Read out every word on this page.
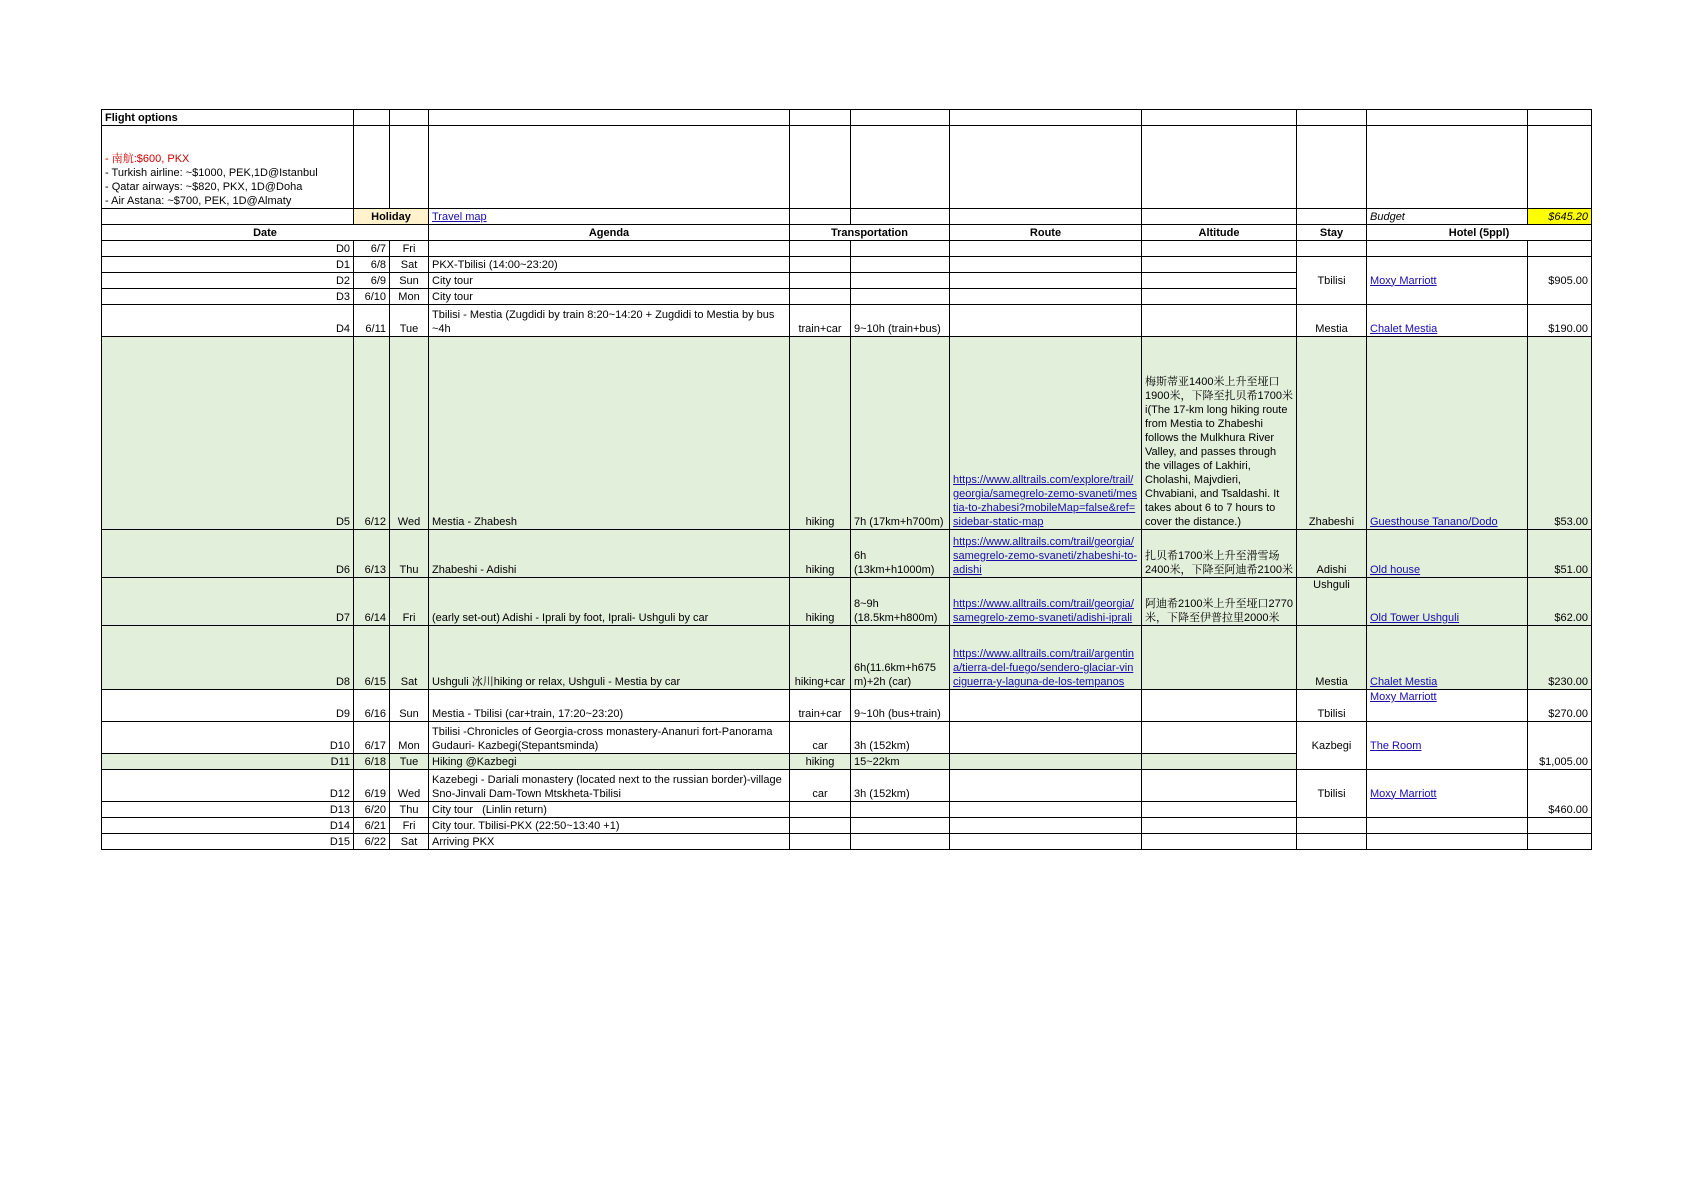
Flight options										

- 南航:$600, PKX
- Turkish airline: ~$1000, PEK,1D@Istanbul
- Qatar airways: ~$820, PKX, 1D@Doha
- Air Astana: ~$700, PEK, 1D@Almaty										

	Holiday		Travel map						Budget	$645.20
Date			Agenda	Transportation		Route	Altitude	Stay	Hotel (5ppl)	
D0	6/7	Fri								
D1	6/8	Sat	PKX-Tbilisi (14:00~23:20)					Tbilisi	Moxy Marriott	$905.00
D2	6/9	Sun	City tour							
D3	6/10	Mon	City tour							
D4	6/11	Tue	Tbilisi - Mestia (Zugdidi by train 8:20~14:20 + Zugdidi to Mestia by bus ~4h	train+car	9~10h (train+bus)			Mestia	Chalet Mestia	$190.00
D5	6/12	Wed	Mestia - Zhabesh	hiking	7h (17km+h700m)	https://www.alltrails.com/explore/trail/georgia/samegrelo-zemo-svaneti/mestia-to-zhabesi?mobileMap=false&ref=sidebar-static-map	梅斯蒂亚1400米上升至垭口1900米，下降至扎贝希1700米i(The 17-km long hiking route from Mestia to Zhabeshi follows the Mulkhura River Valley, and passes through the villages of Lakhiri, Cholashi, Majvdieri, Chvabiani, and Tsaldashi. It takes about 6 to 7 hours to cover the distance.)	Zhabeshi	Guesthouse Tanano/Dodo	$53.00
D6	6/13	Thu	Zhabeshi - Adishi	hiking	6h (13km+h1000m)	https://www.alltrails.com/trail/georgia/samegrelo-zemo-svaneti/zhabeshi-to-adishi	扎贝希1700米上升至滑雪场2400米，下降至阿迪希2100米	Adishi	Old house	$51.00
D7	6/14	Fri	(early set-out) Adishi - Iprali by foot, Iprali- Ushguli by car	hiking	8~9h (18.5km+h800m)	https://www.alltrails.com/trail/georgia/samegrelo-zemo-svaneti/adishi-iprali	阿迪希2100米上升至垭口2770米，下降至伊普拉里2000米	Ushguli	Old Tower Ushguli	$62.00
D8	6/15	Sat	Ushguli 冰川hiking or relax, Ushguli - Mestia by car	hiking+car	6h(11.6km+h675m)+2h (car)	https://www.alltrails.com/trail/argentina/tierra-del-fuego/sendero-glaciar-vinciguerra-y-laguna-de-los-tempanos		Mestia	Chalet Mestia	$230.00
D9	6/16	Sun	Mestia - Tbilisi (car+train, 17:20~23:20)	train+car	9~10h (bus+train)			Tbilisi	Moxy Marriott	$270.00
D10	6/17	Mon	Tbilisi -Chronicles of Georgia-cross monastery-Ananuri fort-Panorama Gudauri- Kazbegi(Stepantsminda)	car	3h (152km)			Kazbegi	The Room	$1,005.00
D11	6/18	Tue	Hiking @Kazbegi	hiking	15~22km					
D12	6/19	Wed	Kazebegi - Dariali monastery (located next to the russian border)-village Sno-Jinvali Dam-Town Mtskheta-Tbilisi	car	3h (152km)			Tbilisi	Moxy Marriott	$460.00
D13	6/20	Thu	City tour   (Linlin return)							
D14	6/21	Fri	City tour. Tbilisi-PKX (22:50~13:40 +1)							
D15	6/22	Sat	Arriving PKX							
